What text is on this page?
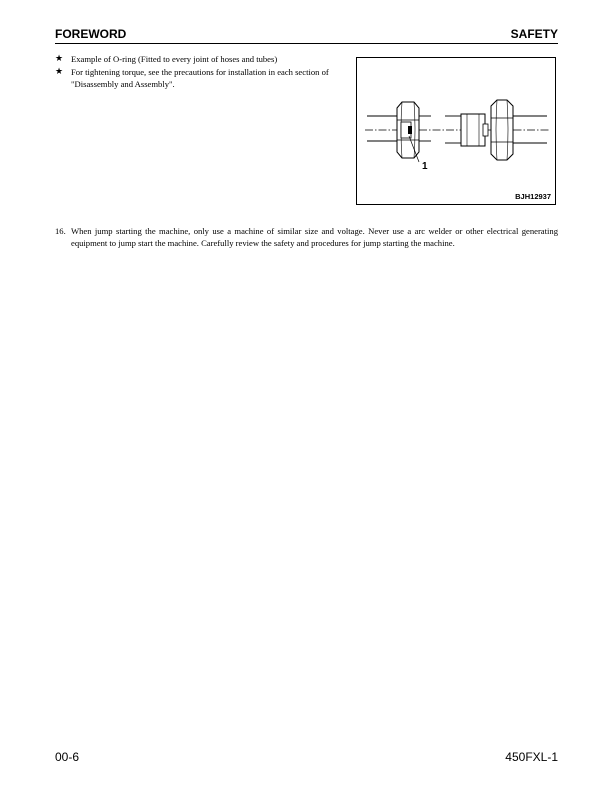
FOREWORD	SAFETY
★ Example of O-ring (Fitted to every joint of hoses and tubes)
★ For tightening torque, see the precautions for installation in each section of "Disassembly and Assembly".
1
BJH12937
16. When jump starting the machine, only use a machine of similar size and voltage. Never use a arc welder or other electrical generating equipment to jump start the machine. Carefully review the safety and procedures for jump starting the machine.
00-6	450FXL-1
